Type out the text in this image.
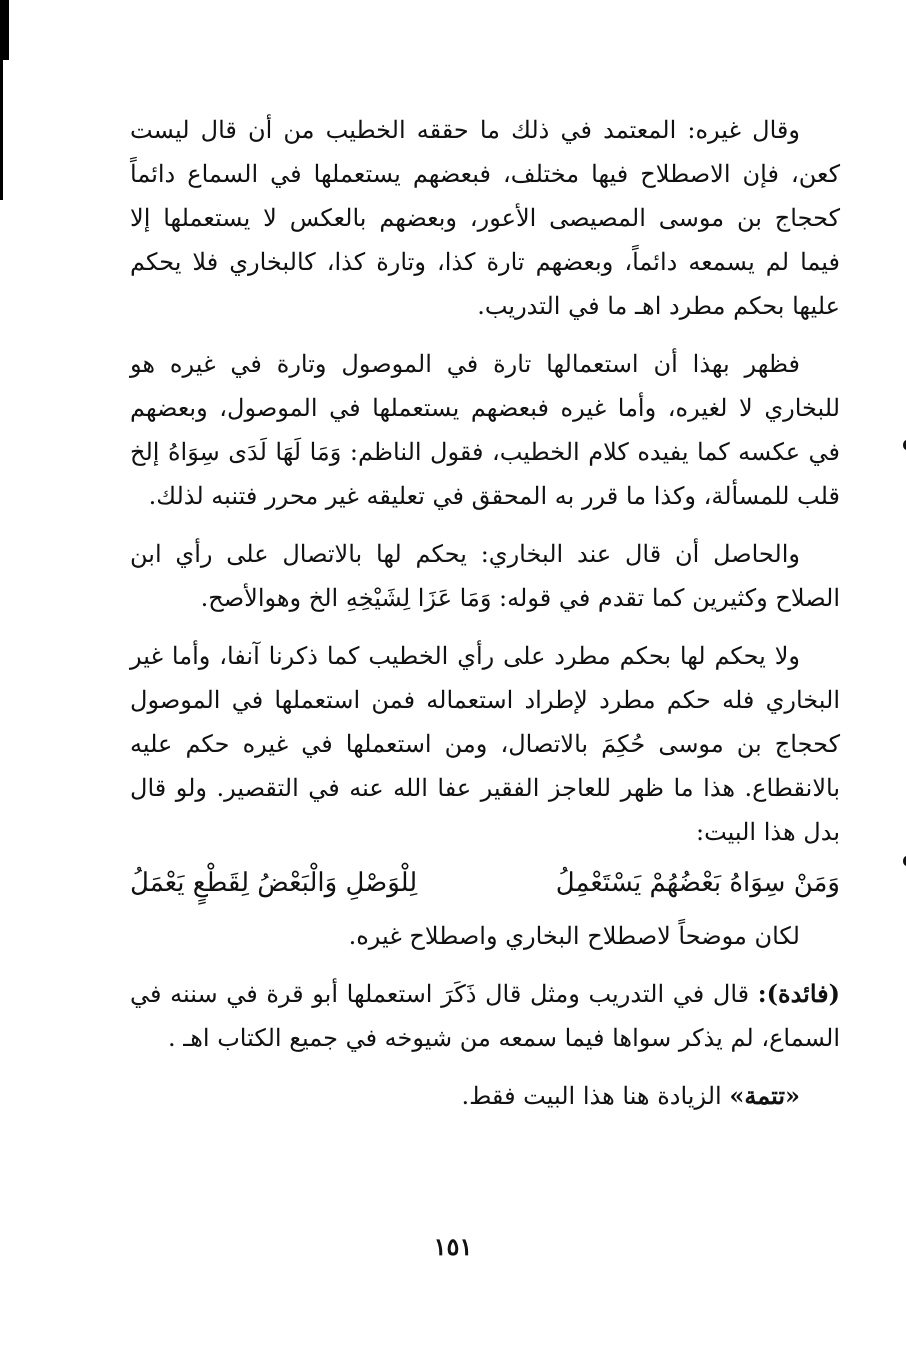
وقال غيره: المعتمد في ذلك ما حققه الخطيب من أن قال ليست كعن، فإن الاصطلاح فيها مختلف، فبعضهم يستعملها في السماع دائماً كحجاج بن موسى المصيصى الأعور، وبعضهم بالعكس لا يستعملها إلا فيما لم يسمعه دائماً، وبعضهم تارة كذا، وتارة كذا، كالبخاري فلا يحكم عليها بحكم مطرد اهـ ما في التدريب.

فظهر بهذا أن استعمالها تارة في الموصول وتارة في غيره هو للبخاري لا لغيره، وأما غيره فبعضهم يستعملها في الموصول، وبعضهم في عكسه كما يفيده كلام الخطيب، فقول الناظم: وَمَا لَهَا لَدَى سِوَاهُ إلخ قلب للمسألة، وكذا ما قرر به المحقق في تعليقه غير محرر فتنبه لذلك.

والحاصل أن قال عند البخاري: يحكم لها بالاتصال على رأي ابن الصلاح وكثيرين كما تقدم في قوله: وَمَا عَزَا لِشَيْخِهِ الخ وهوالأصح.

ولا يحكم لها بحكم مطرد على رأي الخطيب كما ذكرنا آنفا، وأما غير البخاري فله حكم مطرد لإطراد استعماله فمن استعملها في الموصول كحجاج بن موسى حُكِمَ بالاتصال، ومن استعملها في غيره حكم عليه بالانقطاع. هذا ما ظهر للعاجز الفقير عفا الله عنه في التقصير. ولو قال بدل هذا البيت:

وَمَنْ سِوَاهُ بَعْضُهُمْ يَسْتَعْمِلُ
لِلْوَصْلِ وَالْبَعْضُ لِقَطْعٍ يَعْمَلُ

لكان موضحاً لاصطلاح البخاري واصطلاح غيره.

(فائدة): قال في التدريب ومثل قال ذَكَرَ استعملها أبو قرة في سننه في السماع، لم يذكر سواها فيما سمعه من شيوخه في جميع الكتاب اهـ .

«تتمة» الزيادة هنا هذا البيت فقط.

١٥١
